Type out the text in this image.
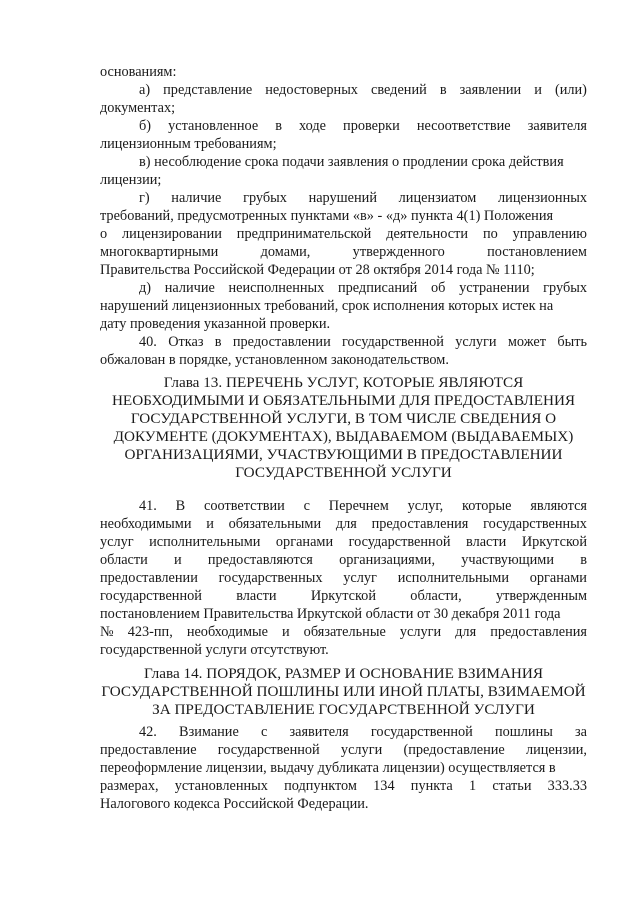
основаниям:
а) представление недостоверных сведений в заявлении и (или)
документах;
б) установленное в ходе проверки несоответствие заявителя
лицензионным требованиям;
в) несоблюдение срока подачи заявления о продлении срока действия
лицензии;
г) наличие грубых нарушений лицензиатом лицензионных
требований, предусмотренных пунктами «в» - «д» пункта 4(1) Положения
о лицензировании предпринимательской деятельности по управлению
многоквартирными	домами,	утвержденного	постановлением
Правительства Российской Федерации от 28 октября 2014 года № 1110;
д) наличие неисполненных предписаний об устранении грубых
нарушений лицензионных требований, срок исполнения которых истек на
дату проведения указанной проверки.
40. Отказ в предоставлении государственной услуги может быть
обжалован в порядке, установленном законодательством.
Глава 13. ПЕРЕЧЕНЬ УСЛУГ, КОТОРЫЕ ЯВЛЯЮТСЯ
НЕОБХОДИМЫМИ И ОБЯЗАТЕЛЬНЫМИ ДЛЯ ПРЕДОСТАВЛЕНИЯ
ГОСУДАРСТВЕННОЙ УСЛУГИ, В ТОМ ЧИСЛЕ СВЕДЕНИЯ О
ДОКУМЕНТЕ (ДОКУМЕНТАХ), ВЫДАВАЕМОМ (ВЫДАВАЕМЫХ)
ОРГАНИЗАЦИЯМИ, УЧАСТВУЮЩИМИ В ПРЕДОСТАВЛЕНИИ
ГОСУДАРСТВЕННОЙ УСЛУГИ
41. В соответствии с Перечнем услуг, которые являются
необходимыми и обязательными для предоставления государственных
услуг исполнительными органами государственной власти Иркутской
области и предоставляются организациями, участвующими в
предоставлении государственных услуг исполнительными органами
государственной власти Иркутской области, утвержденным
постановлением Правительства Иркутской области от 30 декабря 2011 года
№ 423-пп, необходимые и обязательные услуги для предоставления
государственной услуги отсутствуют.
Глава 14. ПОРЯДОК, РАЗМЕР И ОСНОВАНИЕ ВЗИМАНИЯ
ГОСУДАРСТВЕННОЙ ПОШЛИНЫ ИЛИ ИНОЙ ПЛАТЫ, ВЗИМАЕМОЙ
ЗА ПРЕДОСТАВЛЕНИЕ ГОСУДАРСТВЕННОЙ УСЛУГИ
42. Взимание с заявителя государственной пошлины за
предоставление государственной услуги (предоставление лицензии,
переоформление лицензии, выдачу дубликата лицензии) осуществляется в
размерах, установленных подпунктом 134 пункта 1 статьи 333.33
Налогового кодекса Российской Федерации.
